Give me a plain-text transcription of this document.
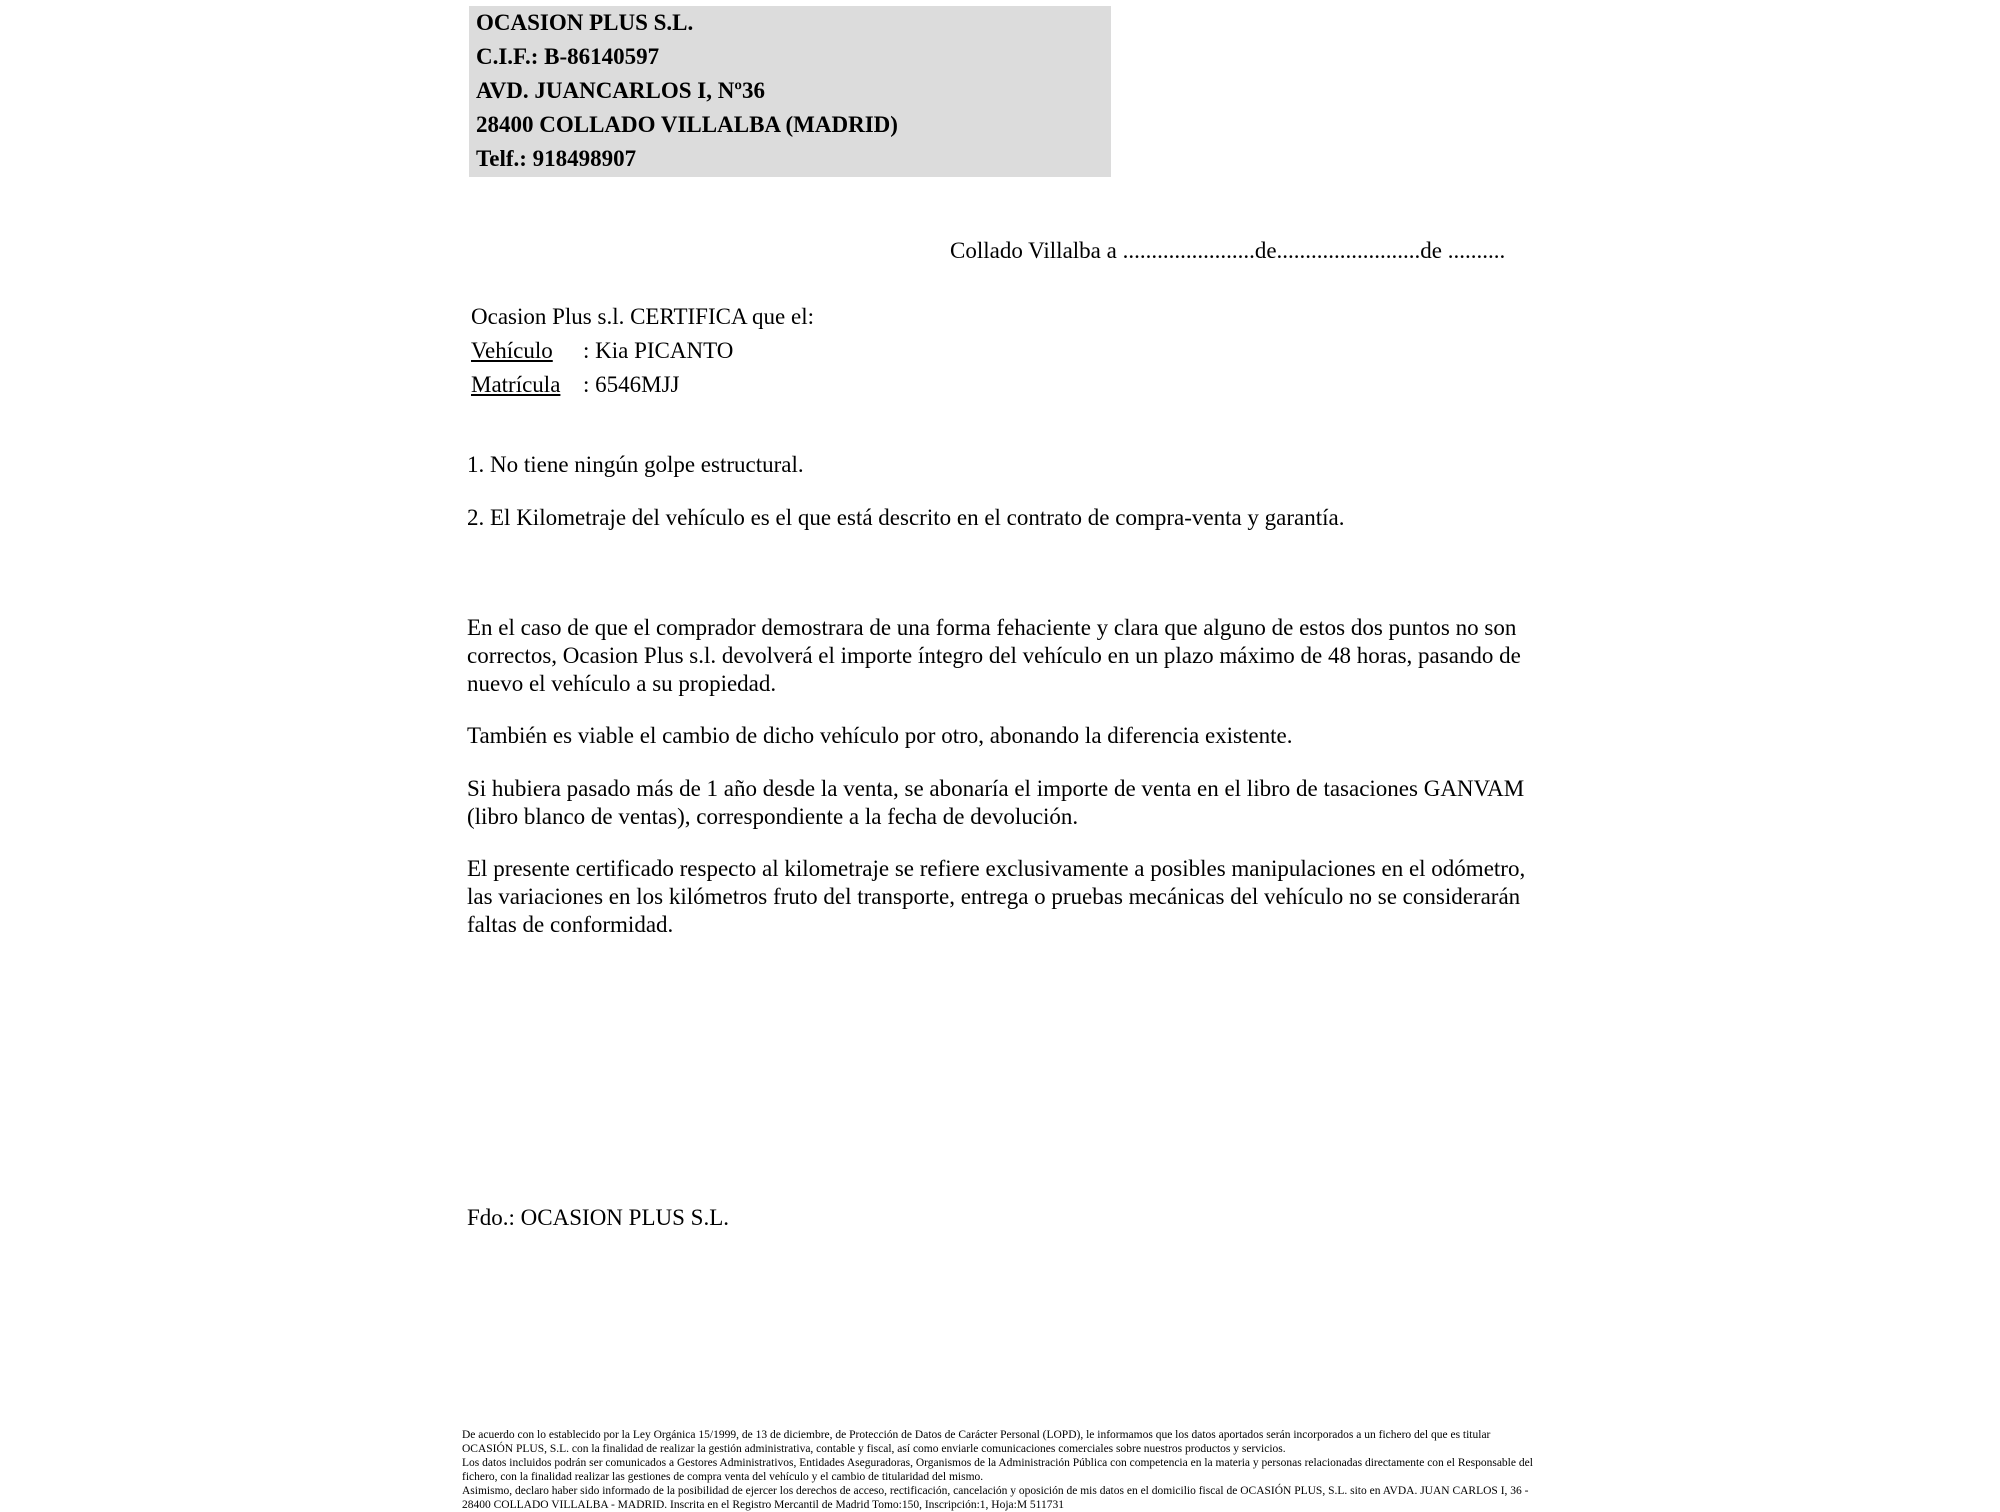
OCASION PLUS S.L.
C.I.F.: B-86140597
AVD. JUANCARLOS I, Nº36
28400 COLLADO VILLALBA (MADRID)
Telf.: 918498907
Collado Villalba a .......................de.........................de ..........
Ocasion Plus s.l. CERTIFICA que el:
Vehículo : Kia PICANTO
Matrícula : 6546MJJ
1. No tiene ningún golpe estructural.
2. El Kilometraje del vehículo es el que está descrito en el contrato de compra-venta y garantía.
En el caso de que el comprador demostrara de una forma fehaciente y clara que alguno de estos dos puntos no son correctos, Ocasion Plus s.l. devolverá el importe íntegro del vehículo en un plazo máximo de 48 horas, pasando de nuevo el vehículo a su propiedad.
También es viable el cambio de dicho vehículo por otro, abonando la diferencia existente.
Si hubiera pasado más de 1 año desde la venta, se abonaría el importe de venta en el libro de tasaciones GANVAM (libro blanco de ventas), correspondiente a la fecha de devolución.
El presente certificado respecto al kilometraje se refiere exclusivamente a posibles manipulaciones en el odómetro, las variaciones en los kilómetros fruto del transporte, entrega o pruebas mecánicas del vehículo no se considerarán faltas de conformidad.
Fdo.: OCASION PLUS S.L.
De acuerdo con lo establecido por la Ley Orgánica 15/1999, de 13 de diciembre, de Protección de Datos de Carácter Personal (LOPD), le informamos que los datos aportados serán incorporados a un fichero del que es titular OCASIÓN PLUS, S.L. con la finalidad de realizar la gestión administrativa, contable y fiscal, así como enviarle comunicaciones comerciales sobre nuestros productos y servicios.
Los datos incluidos podrán ser comunicados a Gestores Administrativos, Entidades Aseguradoras, Organismos de la Administración Pública con competencia en la materia y personas relacionadas directamente con el Responsable del fichero, con la finalidad realizar las gestiones de compra venta del vehículo y el cambio de titularidad del mismo.
Asimismo, declaro haber sido informado de la posibilidad de ejercer los derechos de acceso, rectificación, cancelación y oposición de mis datos en el domicilio fiscal de OCASIÓN PLUS, S.L. sito en AVDA. JUAN CARLOS I, 36 - 28400 COLLADO VILLALBA - MADRID. Inscrita en el Registro Mercantil de Madrid Tomo:150, Inscripción:1, Hoja:M 511731
